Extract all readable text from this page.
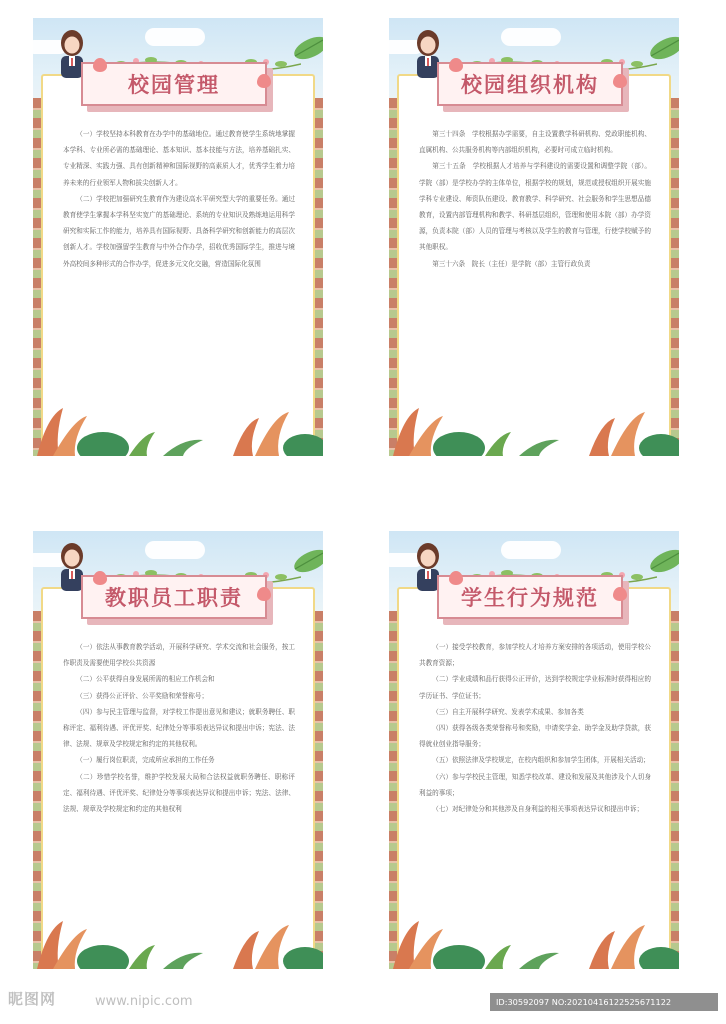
校园管理

（一）学校坚持本科教育在办学中的基础地位。通过教育使学生系统地掌握本学科、专业所必需的基础理论、基本知识、基本技能与方法，培养基础扎实、专业精深、实践力强、具有创新精神和国际视野的高素质人才，优秀学生着力培养未来的行业领军人物和拔尖创新人才。

（二）学校把加强研究生教育作为建设高水平研究型大学的重要任务。通过教育使学生掌握本学科坚实宽广的基础理论、系统的专业知识及熟练地运用科学研究和实际工作的能力，培养具有国际视野、具备科学研究和创新能力的高层次创新人才。学校加强留学生教育与中外合作办学，招收优秀国际学生，推进与境外高校间多种形式的合作办学，促进多元文化交融，营造国际化氛围

校园组织机构

第三十四条　学校根据办学需要，自主设置教学科研机构、党政职能机构、直属机构、公共服务机构等内部组织机构，必要时可成立临时机构。

第三十五条　学校根据人才培养与学科建设的需要设置和调整学院（部）。学院（部）是学校办学的主体单位，根据学校的规划，规范或授权组织开展实施学科专业建设、师资队伍建设、教育教学、科学研究、社会服务和学生思想品德教育，设置内部管理机构和教学、科研基层组织，管理和使用本院（部）办学资源，负责本院（部）人员的管理与考核以及学生的教育与管理，行使学校赋予的其他职权。

第三十六条　院长（主任）是学院（部）主管行政负责

教职员工职责

（一）依法从事教育教学活动，开展科学研究、学术交流和社会服务，按工作职责及需要使用学校公共资源

（二）公平获得自身发展所需的相应工作机会和

（三）获得公正评价、公平奖励和荣誉称号；

（四）参与民主管理与监督，对学校工作提出意见和建议；就职务聘任、职称评定、福利待遇、评优评奖、纪律处分等事项表达异议和提出申诉；宪法、法律、法规、规章及学校规定和约定的其他权利。

（一）履行岗位职责，完成所应承担的工作任务

（二）珍惜学校名誉，维护学校发展大局和合法权益就职务聘任、职称评定、福利待遇、评优评奖、纪律处分等事项表达异议和提出申诉；宪法、法律、法规、规章及学校规定和约定的其他权利

学生行为规范

（一）接受学校教育，参加学校人才培养方案安排的各项活动，使用学校公共教育资源；

（二）学业成绩和品行获得公正评价，达到学校规定学业标准时获得相应的学历证书、学位证书；

（三）自主开展科学研究、发表学术成果、参加各类

（四）获得各级各类荣誉称号和奖励，申请奖学金、助学金及助学贷款，获得就业创业指导服务；

（五）依照法律及学校规定，在校内组织和参加学生团体，开展相关活动；

（六）参与学校民主管理，知悉学校改革、建设和发展及其他涉及个人切身利益的事项；

（七）对纪律处分和其他涉及自身利益的相关事项表达异议和提出申诉；

昵图网	www.nipic.com	ID:30592097 NO:20210416122525671122
